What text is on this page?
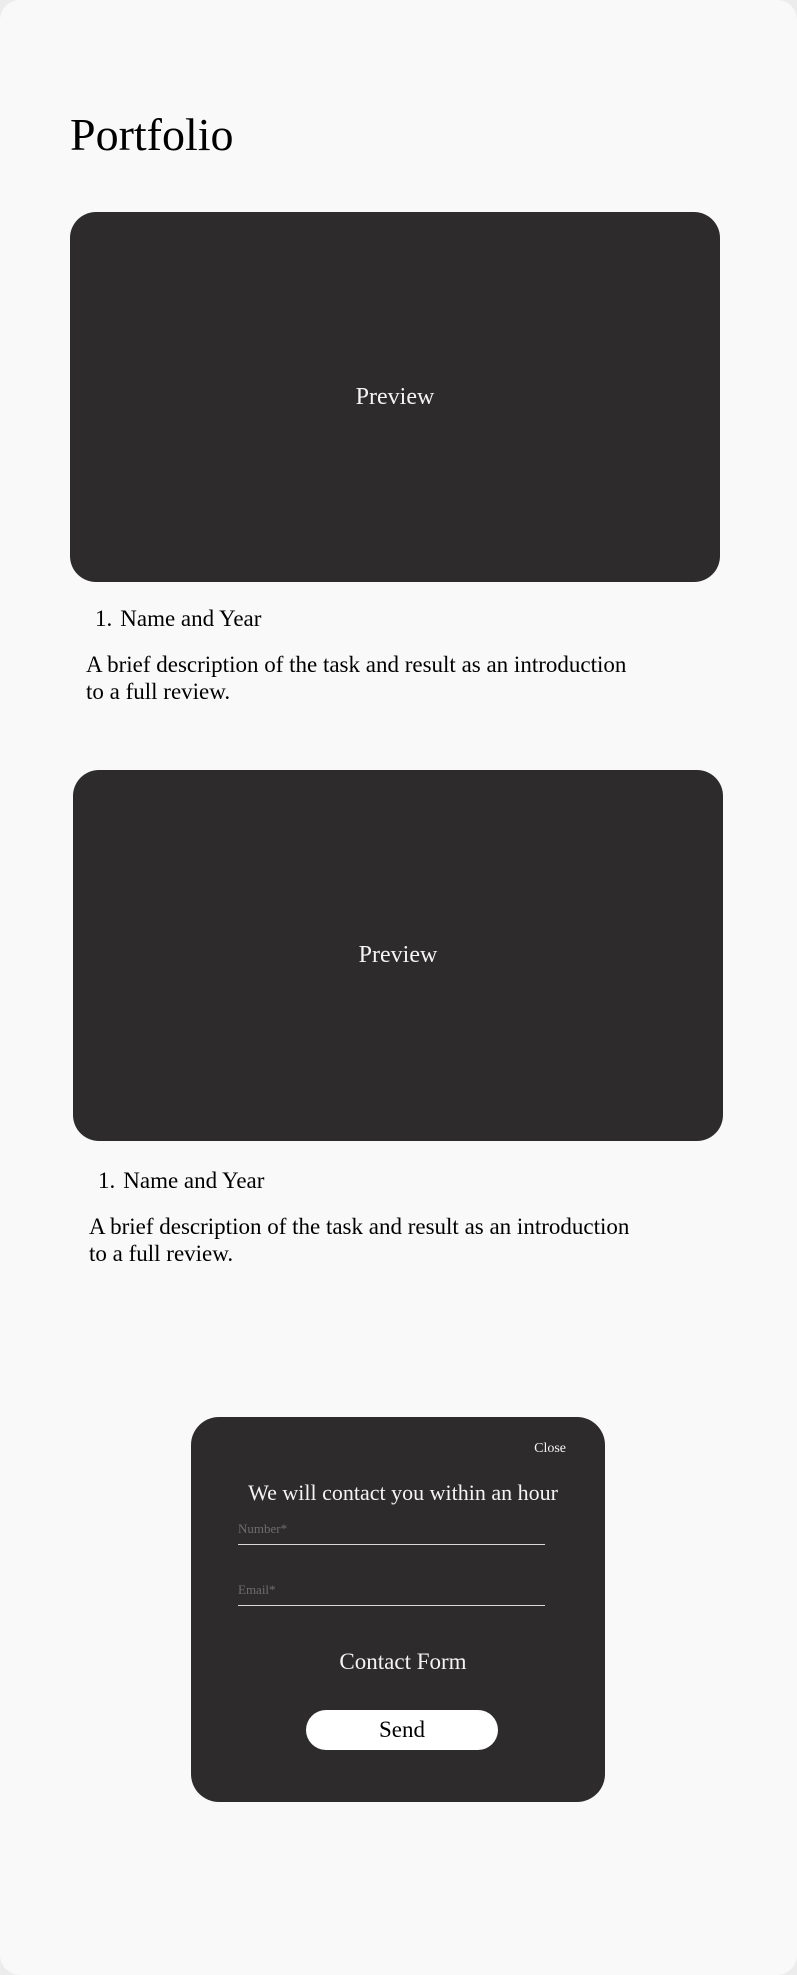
Portfolio
Preview
1. Name and Year

A brief description of the task and result as an introduction to a full review.

Preview
1. Name and Year

A brief description of the task and result as an introduction to a full review.

Close
We will contact you within an hour
Number*
Email*
Contact Form
Send
